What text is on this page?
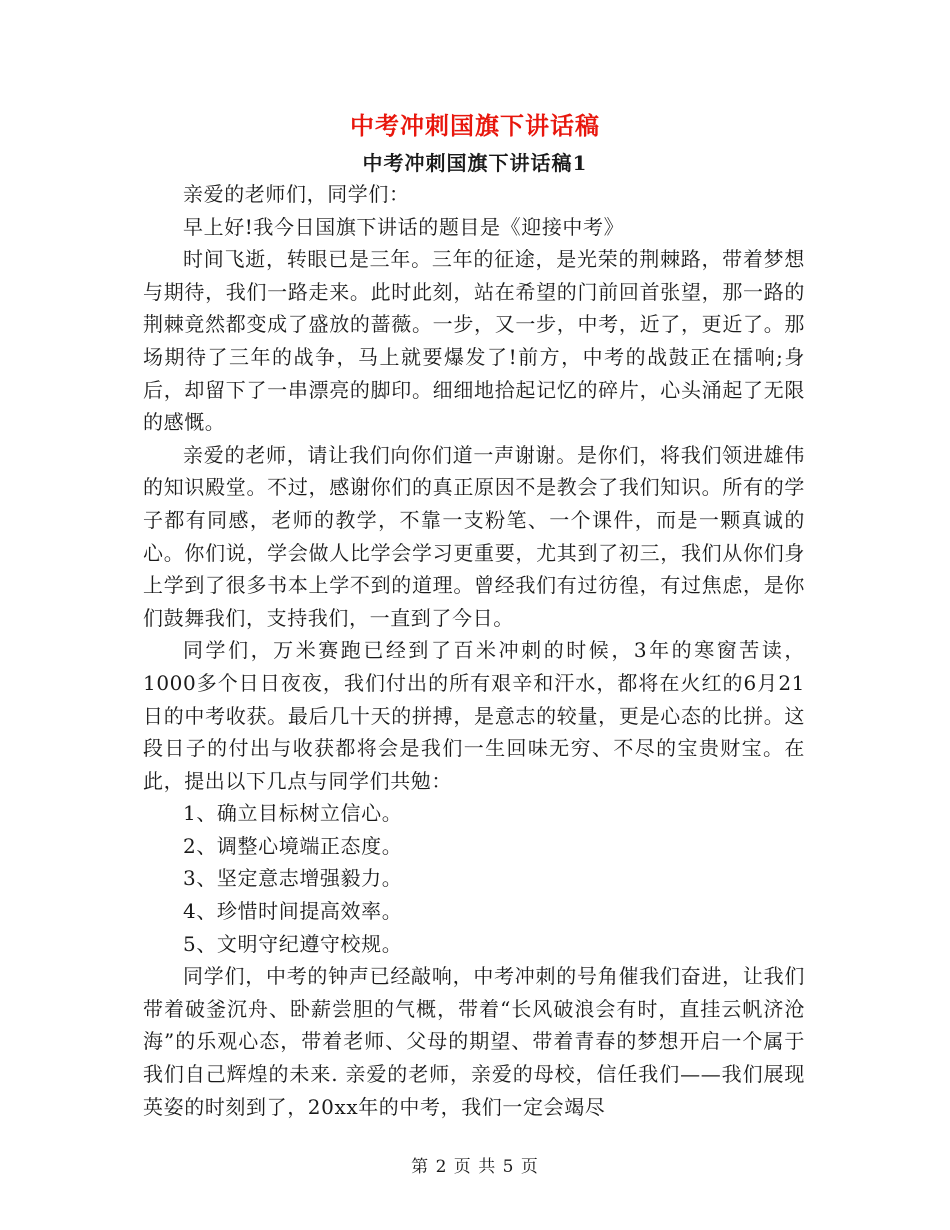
中考冲刺国旗下讲话稿
中考冲刺国旗下讲话稿1

亲爱的老师们，同学们：

早上好!我今日国旗下讲话的题目是《迎接中考》

时间飞逝，转眼已是三年。三年的征途，是光荣的荆棘路，带着梦想与期待，我们一路走来。此时此刻，站在希望的门前回首张望，那一路的荆棘竟然都变成了盛放的蔷薇。一步，又一步，中考，近了，更近了。那场期待了三年的战争，马上就要爆发了!前方，中考的战鼓正在擂响;身后，却留下了一串漂亮的脚印。细细地拾起记忆的碎片，心头涌起了无限的感慨。

亲爱的老师，请让我们向你们道一声谢谢。是你们，将我们领进雄伟的知识殿堂。不过，感谢你们的真正原因不是教会了我们知识。所有的学子都有同感，老师的教学，不靠一支粉笔、一个课件，而是一颗真诚的心。你们说，学会做人比学会学习更重要，尤其到了初三，我们从你们身上学到了很多书本上学不到的道理。曾经我们有过彷徨，有过焦虑，是你们鼓舞我们，支持我们，一直到了今日。

同学们，万米赛跑已经到了百米冲刺的时候，3年的寒窗苦读，1000多个日日夜夜，我们付出的所有艰辛和汗水，都将在火红的6月21日的中考收获。最后几十天的拼搏，是意志的较量，更是心态的比拼。这段日子的付出与收获都将会是我们一生回味无穷、不尽的宝贵财宝。在此，提出以下几点与同学们共勉：

1、确立目标树立信心。

2、调整心境端正态度。

3、坚定意志增强毅力。

4、珍惜时间提高效率。

5、文明守纪遵守校规。

同学们，中考的钟声已经敲响，中考冲刺的号角催我们奋进，让我们带着破釜沉舟、卧薪尝胆的气概，带着“长风破浪会有时，直挂云帆济沧海”的乐观心态，带着老师、父母的期望、带着青春的梦想开启一个属于我们自己辉煌的未来. 亲爱的老师，亲爱的母校，信任我们——我们展现英姿的时刻到了，20xx年的中考，我们一定会竭尽

第 2 页 共 5 页
